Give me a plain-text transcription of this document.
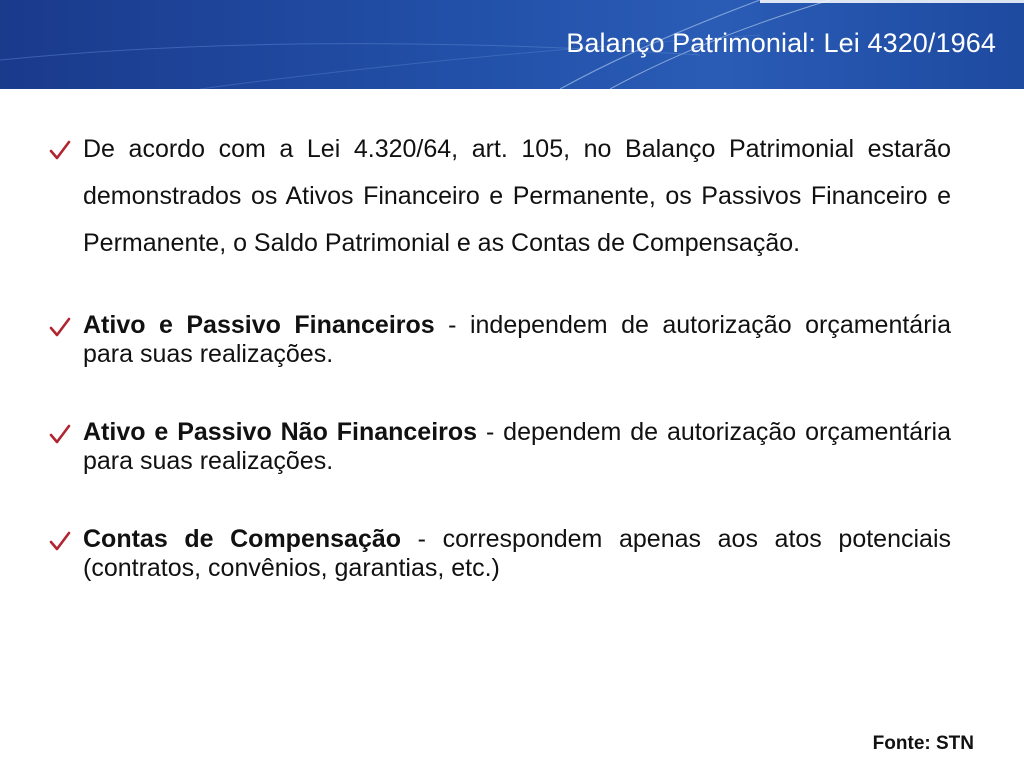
Balanço Patrimonial: Lei 4320/1964
De acordo com a Lei 4.320/64, art. 105, no Balanço Patrimonial estarão demonstrados os Ativos Financeiro e Permanente, os Passivos Financeiro e Permanente, o Saldo Patrimonial e as Contas de Compensação.
Ativo e Passivo Financeiros - independem de autorização orçamentária para suas realizações.
Ativo e Passivo Não Financeiros - dependem de autorização orçamentária para suas realizações.
Contas de Compensação - correspondem apenas aos atos potenciais (contratos, convênios, garantias, etc.)
Fonte: STN
